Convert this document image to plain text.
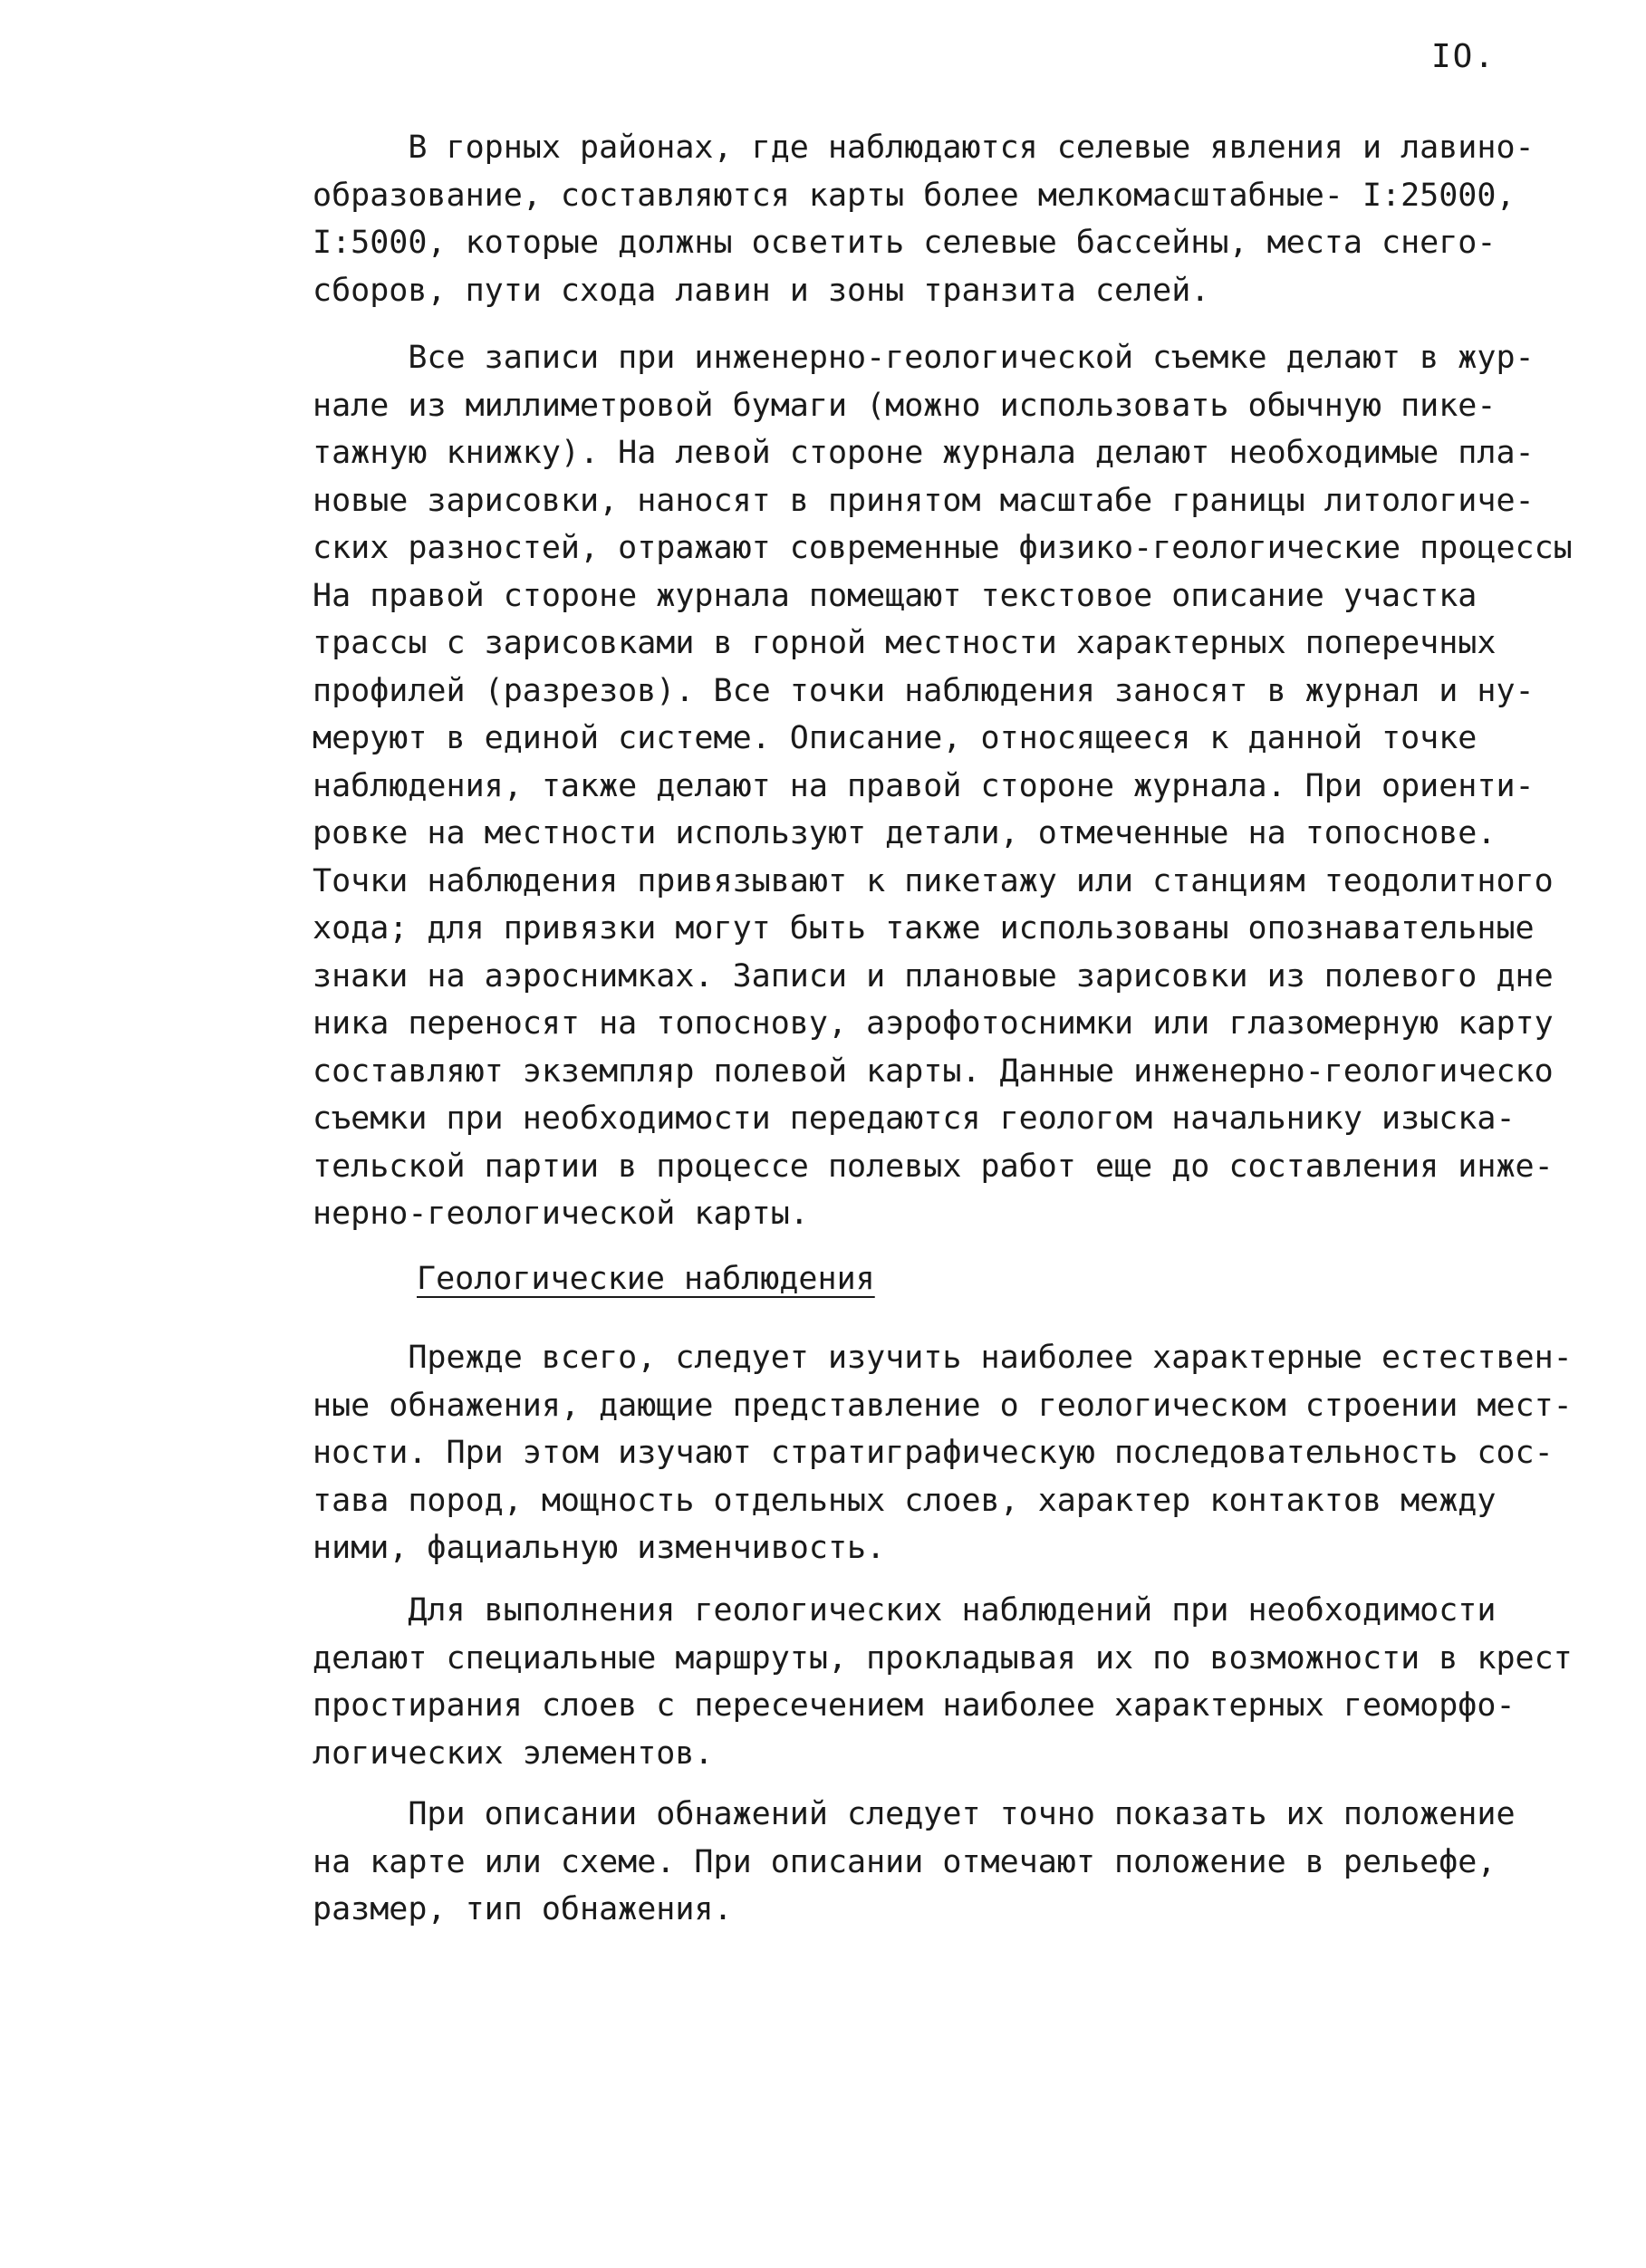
IO.
В горных районах, где наблюдаются селевые явления и лавино-
образование, составляются карты более мелкомасштабные- I:25000,
I:5000, которые должны осветить селевые бассейны, места снего-
сборов, пути схода лавин и зоны транзита селей.
Все записи при инженерно-геологической съемке делают в жур-
нале из миллиметровой бумаги (можно использовать обычную пике-
тажную книжку). На левой стороне журнала делают необходимые пла-
новые зарисовки, наносят в принятом масштабе границы литологиче-
ских разностей, отражают современные физико-геологические процессы
На правой стороне журнала помещают текстовое описание участка
трассы с зарисовками в горной местности характерных поперечных
профилей (разрезов). Все точки наблюдения заносят в журнал и ну-
меруют в единой системе. Описание, относящееся к данной точке
наблюдения, также делают на правой стороне журнала. При ориенти-
ровке на местности используют детали, отмеченные на топоснове.
Точки наблюдения привязывают к пикетажу или станциям теодолитного
хода; для привязки могут быть также использованы опознавательные
знаки на аэроснимках. Записи и плановые зарисовки из полевого дне
ника переносят на топоснову, аэрофотоснимки или глазомерную карту
составляют экземпляр полевой карты. Данные инженерно-геологическо
съемки при необходимости передаются геологом начальнику изыска-
тельской партии в процессе полевых работ еще до составления инже-
нерно-геологической карты.
Геологические наблюдения
Прежде всего, следует изучить наиболее характерные естествен-
ные обнажения, дающие представление о геологическом строении мест-
ности. При этом изучают стратиграфическую последовательность сос-
тава пород, мощность отдельных слоев, характер контактов между
ними, фациальную изменчивость.
Для выполнения геологических наблюдений при необходимости
делают специальные маршруты, прокладывая их по возможности в крест
простирания слоев с пересечением наиболее характерных геоморфо-
логических элементов.
При описании обнажений следует точно показать их положение
на карте или схеме. При описании отмечают положение в рельефе,
размер, тип обнажения.
